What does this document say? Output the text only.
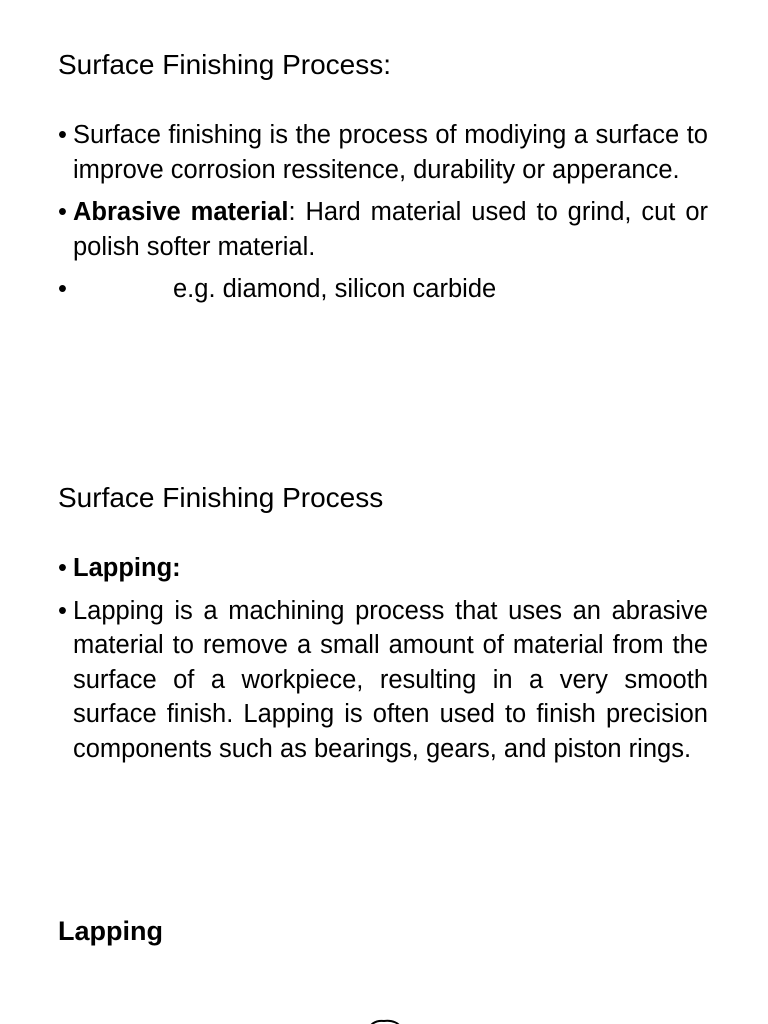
Surface Finishing Process:
• Surface finishing is the process of modiying a surface to improve corrosion ressitence, durability or apperance.
• Abrasive material: Hard material used to grind, cut or polish softer material.
•	e.g. diamond, silicon carbide
Surface Finishing Process
• Lapping:
• Lapping is a machining process that uses an abrasive material to remove a small amount of material from the surface of a workpiece, resulting in a very smooth surface finish. Lapping is often used to finish precision components such as bearings, gears, and piston rings.
Lapping
